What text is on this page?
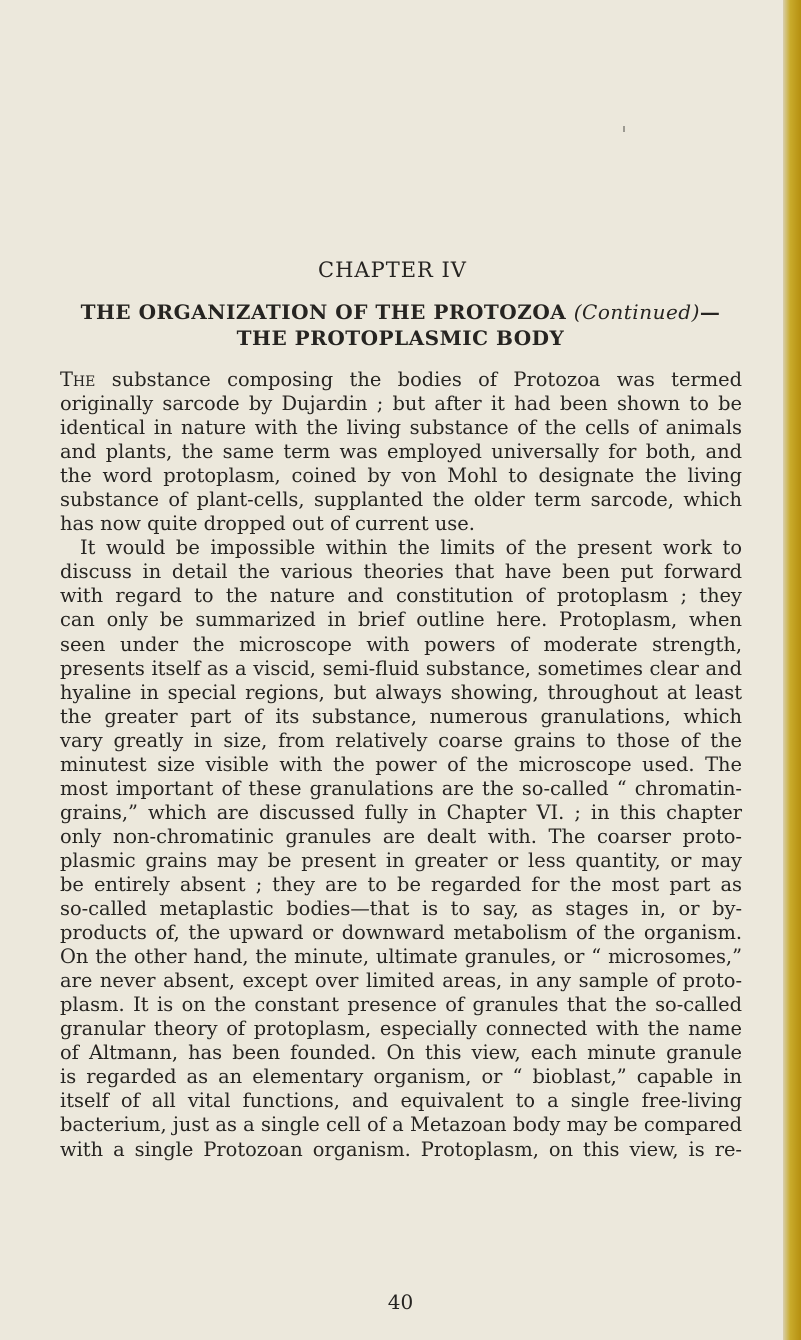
CHAPTER IV
THE ORGANIZATION OF THE PROTOZOA (Continued)—
THE PROTOPLASMIC BODY
The substance composing the bodies of Protozoa was termed
originally sarcode by Dujardin ; but after it had been shown to be
identical in nature with the living substance of the cells of animals
and plants, the same term was employed universally for both, and
the word protoplasm, coined by von Mohl to designate the living
substance of plant-cells, supplanted the older term sarcode, which
has now quite dropped out of current use.
It would be impossible within the limits of the present work to
discuss in detail the various theories that have been put forward
with regard to the nature and constitution of protoplasm ; they
can only be summarized in brief outline here. Protoplasm, when
seen under the microscope with powers of moderate strength,
presents itself as a viscid, semi-fluid substance, sometimes clear and
hyaline in special regions, but always showing, throughout at least
the greater part of its substance, numerous granulations, which
vary greatly in size, from relatively coarse grains to those of the
minutest size visible with the power of the microscope used. The
most important of these granulations are the so-called “ chromatin-
grains,” which are discussed fully in Chapter VI. ; in this chapter
only non-chromatinic granules are dealt with. The coarser proto-
plasmic grains may be present in greater or less quantity, or may
be entirely absent ; they are to be regarded for the most part as
so-called metaplastic bodies—that is to say, as stages in, or by-
products of, the upward or downward metabolism of the organism.
On the other hand, the minute, ultimate granules, or “ microsomes,”
are never absent, except over limited areas, in any sample of proto-
plasm. It is on the constant presence of granules that the so-called
granular theory of protoplasm, especially connected with the name
of Altmann, has been founded. On this view, each minute granule
is regarded as an elementary organism, or “ bioblast,” capable in
itself of all vital functions, and equivalent to a single free-living
bacterium, just as a single cell of a Metazoan body may be compared
with a single Protozoan organism. Protoplasm, on this view, is re-
40
